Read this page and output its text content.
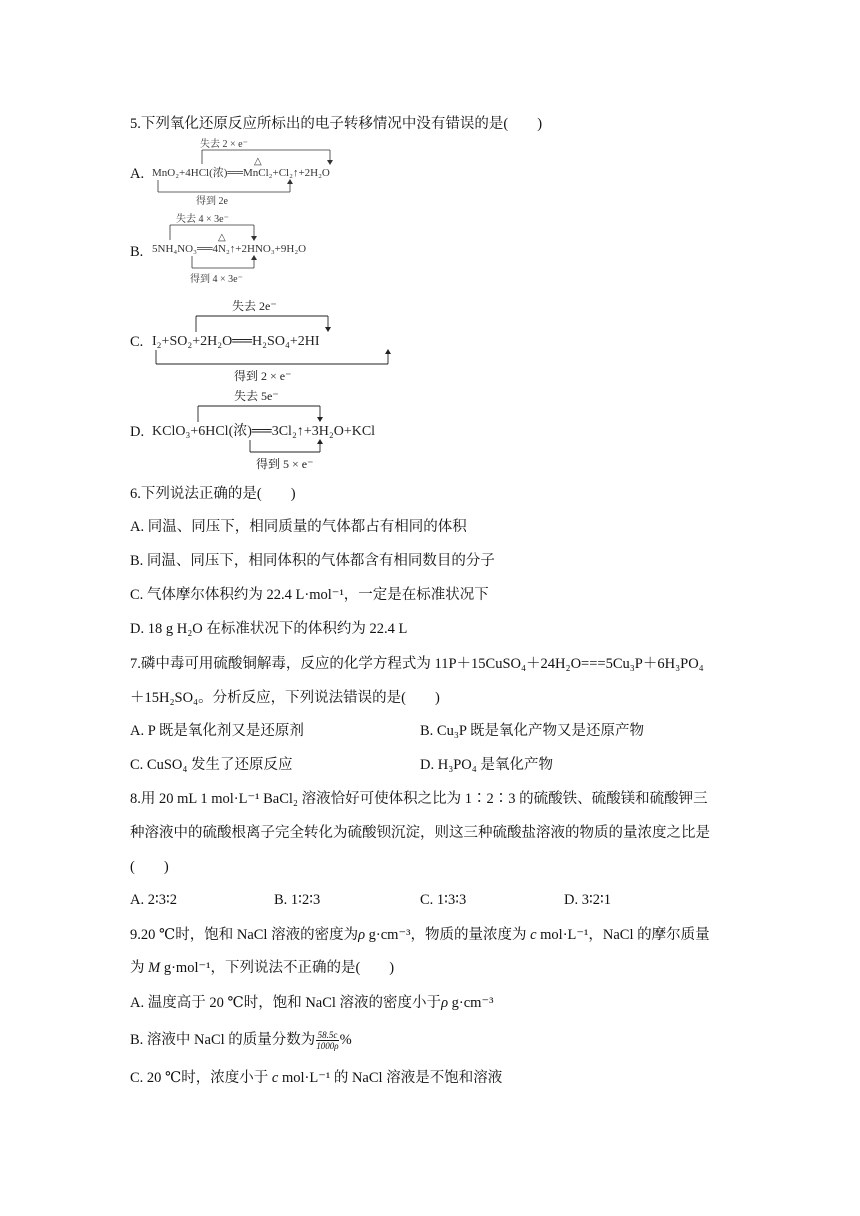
5.下列氧化还原反应所标出的电子转移情况中没有错误的是(　　)
A.
失去 2 × e⁻
△
MnO₂+4HCl(浓)══MnCl₂+Cl₂↑+2H₂O
得到 2e
B.
失去 4 × 3e⁻
△
5NH₄NO₃══4N₂↑+2HNO₃+9H₂O
得到 4 × 3e⁻
C.
失去 2e⁻
I₂+SO₂+2H₂O══H₂SO₄+2HI
得到 2 × e⁻
D.
失去 5e⁻
KClO₃+6HCl(浓)══3Cl₂↑+3H₂O+KCl
得到 5 × e⁻
6.下列说法正确的是(　　)
A. 同温、同压下，相同质量的气体都占有相同的体积
B. 同温、同压下，相同体积的气体都含有相同数目的分子
C. 气体摩尔体积约为 22.4 L·mol⁻¹，一定是在标准状况下
D. 18 g H₂O 在标准状况下的体积约为 22.4 L
7.磷中毒可用硫酸铜解毒，反应的化学方程式为 11P＋15CuSO₄＋24H₂O===5Cu₃P＋6H₃PO₄
＋15H₂SO₄。分析反应，下列说法错误的是(　　)
A. P 既是氧化剂又是还原剂	B. Cu₃P 既是氧化产物又是还原产物
C. CuSO₄ 发生了还原反应	D. H₃PO₄ 是氧化产物
8.用 20 mL 1 mol·L⁻¹ BaCl₂ 溶液恰好可使体积之比为 1∶2∶3 的硫酸铁、硫酸镁和硫酸钾三
种溶液中的硫酸根离子完全转化为硫酸钡沉淀，则这三种硫酸盐溶液的物质的量浓度之比是
(　　)
A. 2∶3∶2	B. 1∶2∶3	C. 1∶3∶3	D. 3∶2∶1
9.20 ℃时，饱和 NaCl 溶液的密度为ρ g·cm⁻³，物质的量浓度为 c mol·L⁻¹，NaCl 的摩尔质量
为 M g·mol⁻¹，下列说法不正确的是(　　)
A. 温度高于 20 ℃时，饱和 NaCl 溶液的密度小于ρ g·cm⁻³
B. 溶液中 NaCl 的质量分数为 $\frac{58.5c}{1000\rho}$ %
C. 20 ℃时，浓度小于 c mol·L⁻¹ 的 NaCl 溶液是不饱和溶液
